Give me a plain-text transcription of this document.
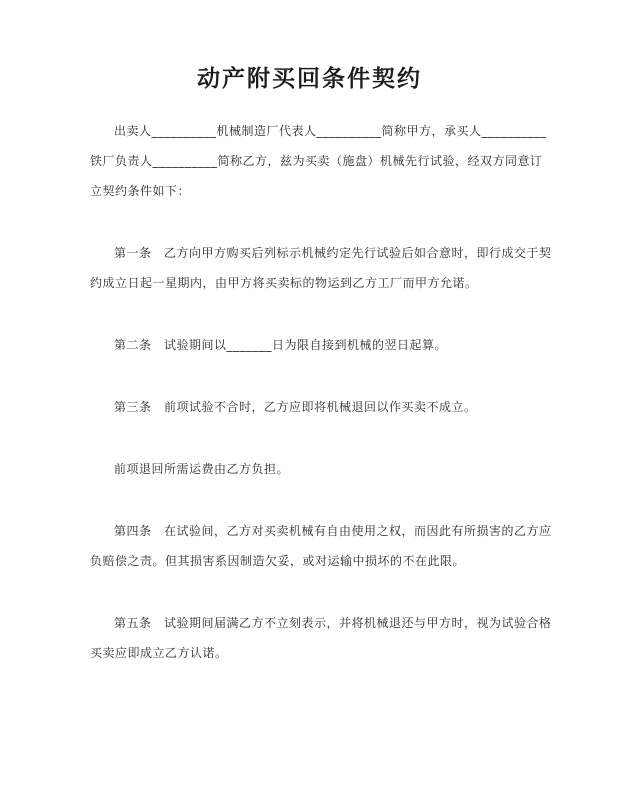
动产附买回条件契约
出卖人__________机械制造厂代表人__________简称甲方，承买人__________
铁厂负责人__________简称乙方，兹为买卖（施盘）机械先行试验，经双方同意订
立契约条件如下：
第一条　乙方向甲方购买后列标示机械约定先行试验后如合意时，即行成交于契
约成立日起一星期内，由甲方将买卖标的物运到乙方工厂而甲方允诺。
第二条　试验期间以_______日为限自接到机械的翌日起算。
第三条　前项试验不合时，乙方应即将机械退回以作买卖不成立。
前项退回所需运费由乙方负担。
第四条　在试验间，乙方对买卖机械有自由使用之权，而因此有所损害的乙方应
负赔偿之责。但其损害系因制造欠妥，或对运输中损坏的不在此限。
第五条　试验期间届满乙方不立刻表示，并将机械退还与甲方时，视为试验合格
买卖应即成立乙方认诺。
